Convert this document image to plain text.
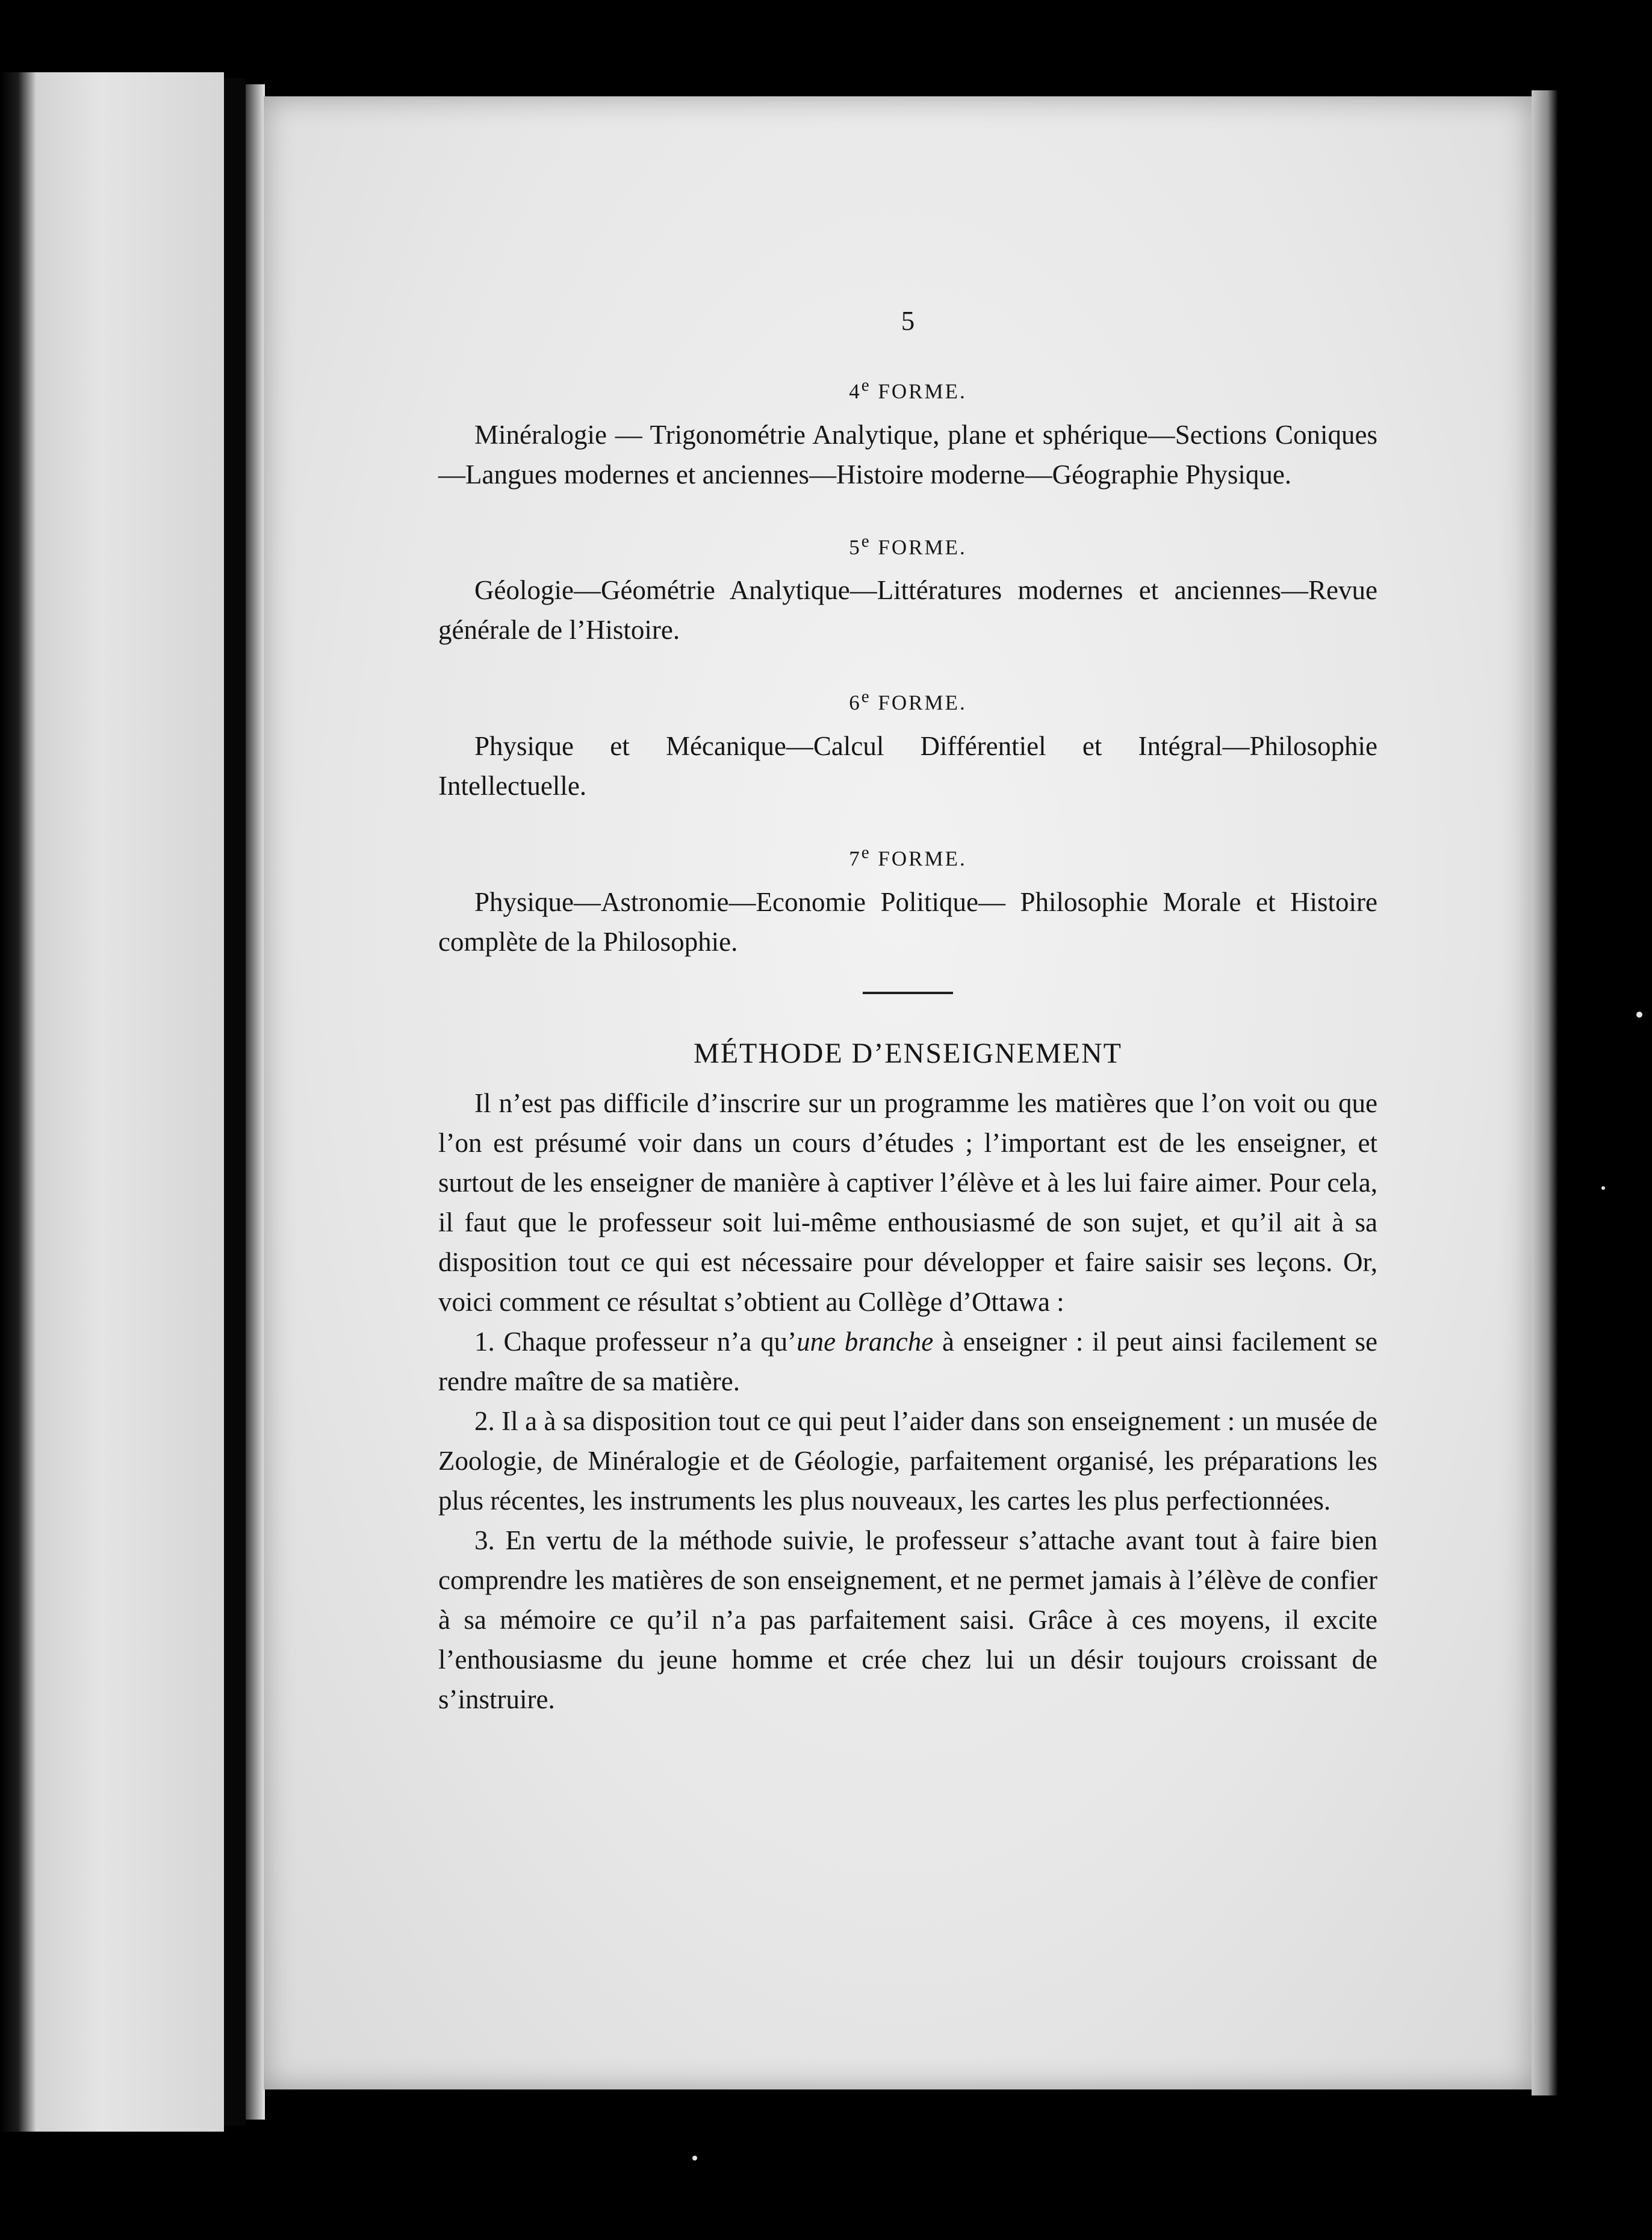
5
4e FORME.

Minéralogie — Trigonométrie Analytique, plane et sphérique—Sections Coniques—Langues modernes et anciennes—Histoire moderne—Géographie Physique.

5e FORME.

Géologie—Géométrie Analytique—Littératures modernes et anciennes—Revue générale de l’Histoire.

6e FORME.

Physique et Mécanique—Calcul Différentiel et Intégral—Philosophie Intellectuelle.

7e FORME.

Physique—Astronomie—Economie Politique— Philosophie Morale et Histoire complète de la Philosophie.

MÉTHODE D’ENSEIGNEMENT

Il n’est pas difficile d’inscrire sur un programme les matières que l’on voit ou que l’on est présumé voir dans un cours d’études ; l’important est de les enseigner, et surtout de les enseigner de manière à captiver l’élève et à les lui faire aimer. Pour cela, il faut que le professeur soit lui-même enthousiasmé de son sujet, et qu’il ait à sa disposition tout ce qui est nécessaire pour développer et faire saisir ses leçons. Or, voici comment ce résultat s’obtient au Collège d’Ottawa :

1. Chaque professeur n’a qu’une branche à enseigner : il peut ainsi facilement se rendre maître de sa matière.

2. Il a à sa disposition tout ce qui peut l’aider dans son enseignement : un musée de Zoologie, de Minéralogie et de Géologie, parfaitement organisé, les préparations les plus récentes, les instruments les plus nouveaux, les cartes les plus perfectionnées.

3. En vertu de la méthode suivie, le professeur s’attache avant tout à faire bien comprendre les matières de son enseignement, et ne permet jamais à l’élève de confier à sa mémoire ce qu’il n’a pas parfaitement saisi. Grâce à ces moyens, il excite l’enthousiasme du jeune homme et crée chez lui un désir toujours croissant de s’instruire.
